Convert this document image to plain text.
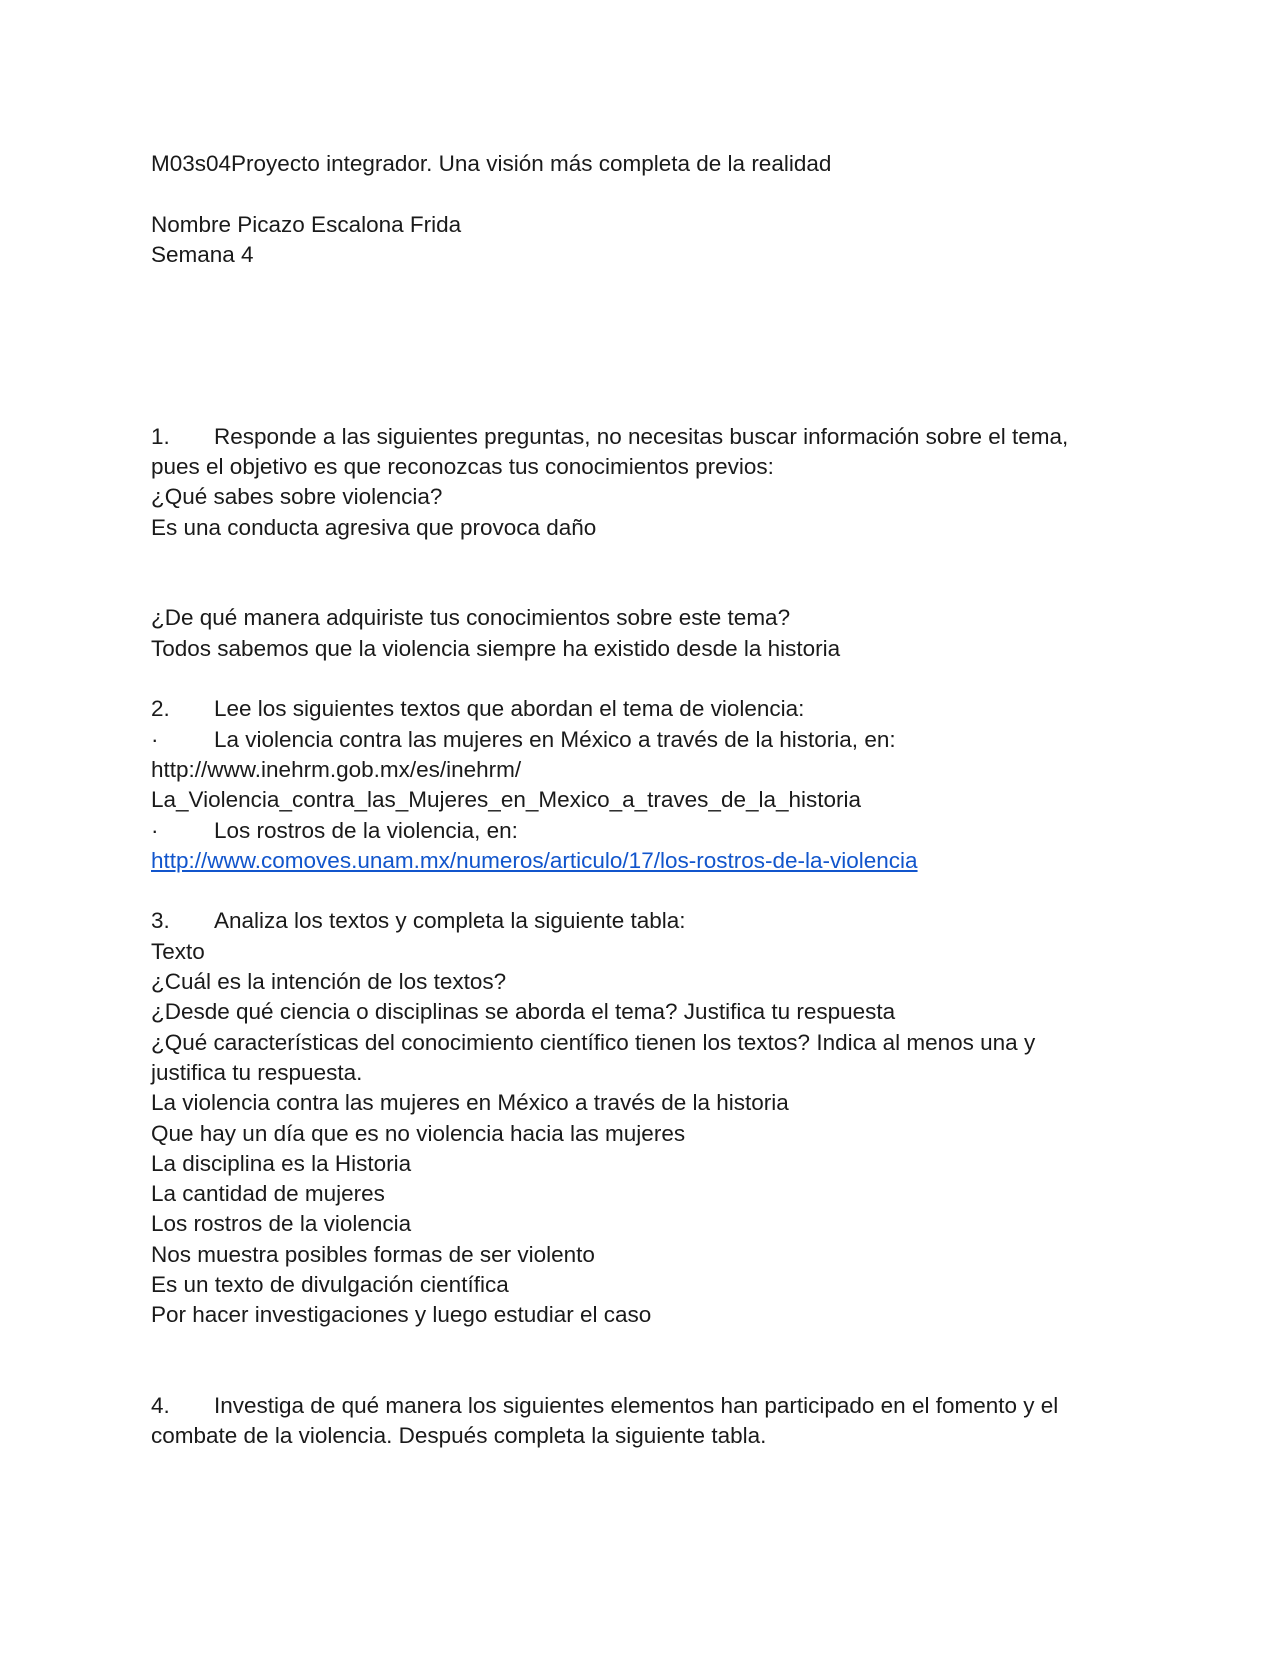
M03s04Proyecto integrador. Una visión más completa de la realidad
Nombre Picazo Escalona Frida
Semana 4
1. Responde a las siguientes preguntas, no necesitas buscar información sobre el tema,
pues el objetivo es que reconozcas tus conocimientos previos:
¿Qué sabes sobre violencia?
Es una conducta agresiva que provoca daño
¿De qué manera adquiriste tus conocimientos sobre este tema?
Todos sabemos que la violencia siempre ha existido desde la historia
2. Lee los siguientes textos que abordan el tema de violencia:
· La violencia contra las mujeres en México a través de la historia, en:
http://www.inehrm.gob.mx/es/inehrm/
La_Violencia_contra_las_Mujeres_en_Mexico_a_traves_de_la_historia
· Los rostros de la violencia, en:
http://www.comoves.unam.mx/numeros/articulo/17/los-rostros-de-la-violencia
3. Analiza los textos y completa la siguiente tabla:
Texto
¿Cuál es la intención de los textos?
¿Desde qué ciencia o disciplinas se aborda el tema? Justifica tu respuesta
¿Qué características del conocimiento científico tienen los textos? Indica al menos una y
justifica tu respuesta.
La violencia contra las mujeres en México a través de la historia
Que hay un día que es no violencia hacia las mujeres
La disciplina es la Historia
La cantidad de mujeres
Los rostros de la violencia
Nos muestra posibles formas de ser violento
Es un texto de divulgación científica
Por hacer investigaciones y luego estudiar el caso
4. Investiga de qué manera los siguientes elementos han participado en el fomento y el
combate de la violencia. Después completa la siguiente tabla.
